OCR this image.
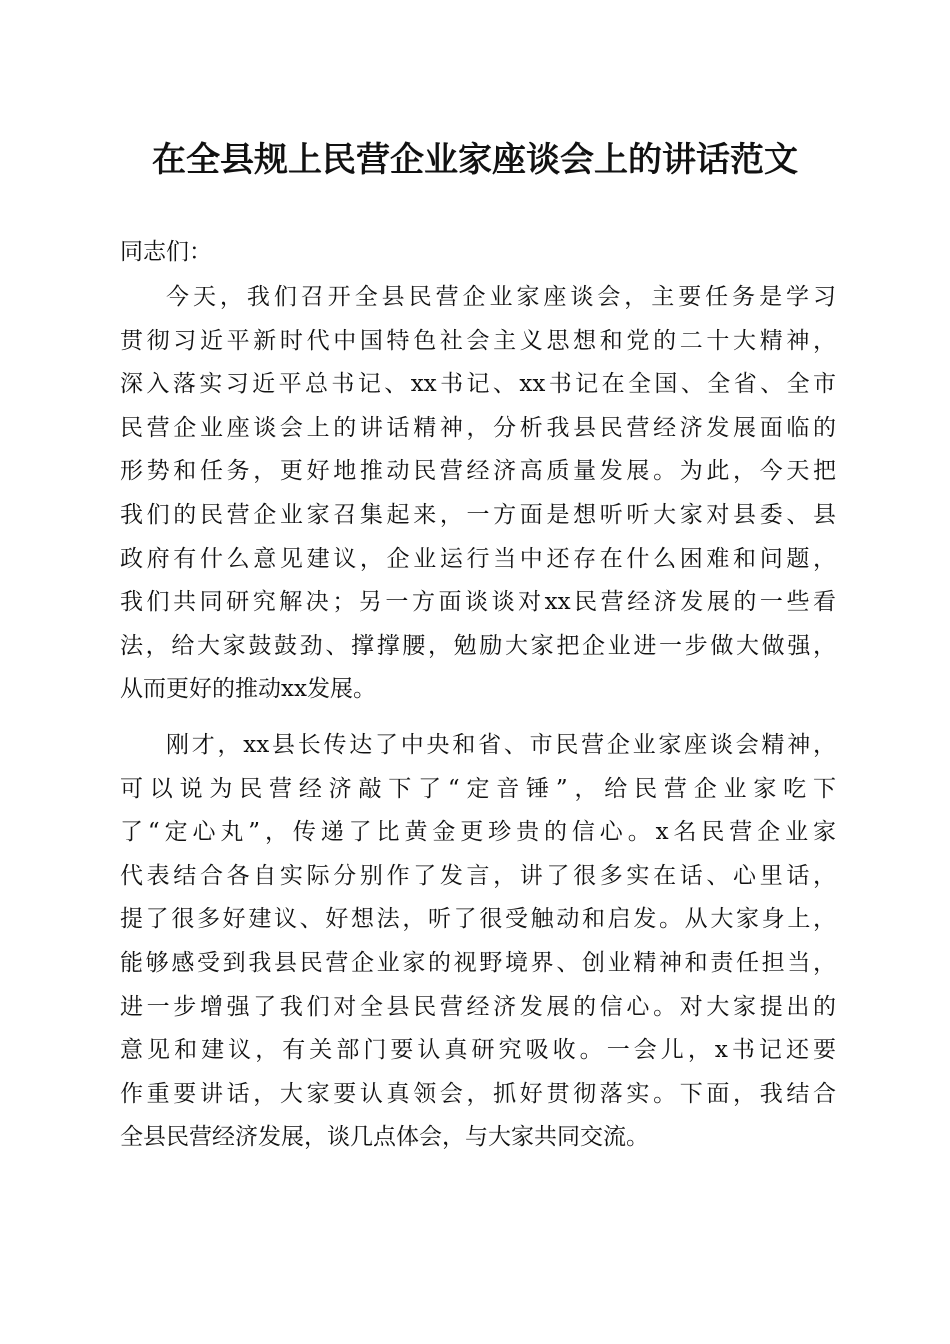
在全县规上民营企业家座谈会上的讲话范文
同志们：
今天，我们召开全县民营企业家座谈会，主要任务是学习
贯彻习近平新时代中国特色社会主义思想和党的二十大精神，
深入落实习近平总书记、xx书记、xx书记在全国、全省、全市
民营企业座谈会上的讲话精神，分析我县民营经济发展面临的
形势和任务，更好地推动民营经济高质量发展。为此，今天把
我们的民营企业家召集起来，一方面是想听听大家对县委、县
政府有什么意见建议，企业运行当中还存在什么困难和问题，
我们共同研究解决；另一方面谈谈对xx民营经济发展的一些看
法，给大家鼓鼓劲、撑撑腰，勉励大家把企业进一步做大做强，
从而更好的推动xx发展。
刚才，xx县长传达了中央和省、市民营企业家座谈会精神，
可以说为民营经济敲下了“定音锤”，给民营企业家吃下
了“定心丸”，传递了比黄金更珍贵的信心。x名民营企业家
代表结合各自实际分别作了发言，讲了很多实在话、心里话，
提了很多好建议、好想法，听了很受触动和启发。从大家身上，
能够感受到我县民营企业家的视野境界、创业精神和责任担当，
进一步增强了我们对全县民营经济发展的信心。对大家提出的
意见和建议，有关部门要认真研究吸收。一会儿，x书记还要
作重要讲话，大家要认真领会，抓好贯彻落实。下面，我结合
全县民营经济发展，谈几点体会，与大家共同交流。
